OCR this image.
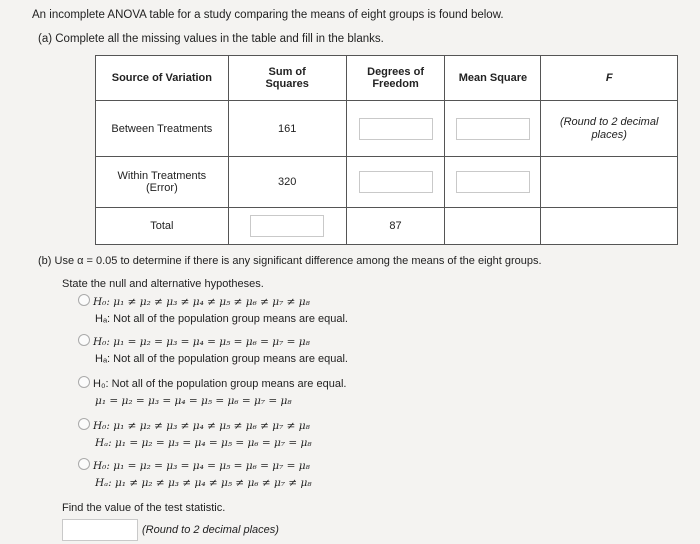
An incomplete ANOVA table for a study comparing the means of eight groups is found below.
(a) Complete all the missing values in the table and fill in the blanks.
Source of Variation	Sum of Squares	Degrees of Freedom	Mean Square	F
Between Treatments	161			(Round to 2 decimal places)

Within Treatments (Error)	320			
Total		87		
(b) Use α = 0.05 to determine if there is any significant difference among the means of the eight groups.
State the null and alternative hypotheses.
H₀: μ₁ ≠ μ₂ ≠ μ₃ ≠ μ₄ ≠ μ₅ ≠ μ₆ ≠ μ₇ ≠ μ₈
Hₐ: Not all of the population group means are equal.
H₀: μ₁ = μ₂ = μ₃ = μ₄ = μ₅ = μ₆ = μ₇ = μ₈
Hₐ: Not all of the population group means are equal.
H₀: Not all of the population group means are equal.
μ₁ = μ₂ = μ₃ = μ₄ = μ₅ = μ₆ = μ₇ = μ₈
H₀: μ₁ ≠ μ₂ ≠ μ₃ ≠ μ₄ ≠ μ₅ ≠ μ₆ ≠ μ₇ ≠ μ₈
Hₐ: μ₁ = μ₂ = μ₃ = μ₄ = μ₅ = μ₆ = μ₇ = μ₈
H₀: μ₁ = μ₂ = μ₃ = μ₄ = μ₅ = μ₆ = μ₇ = μ₈
Hₐ: μ₁ ≠ μ₂ ≠ μ₃ ≠ μ₄ ≠ μ₅ ≠ μ₆ ≠ μ₇ ≠ μ₈
Find the value of the test statistic.
(Round to 2 decimal places)
